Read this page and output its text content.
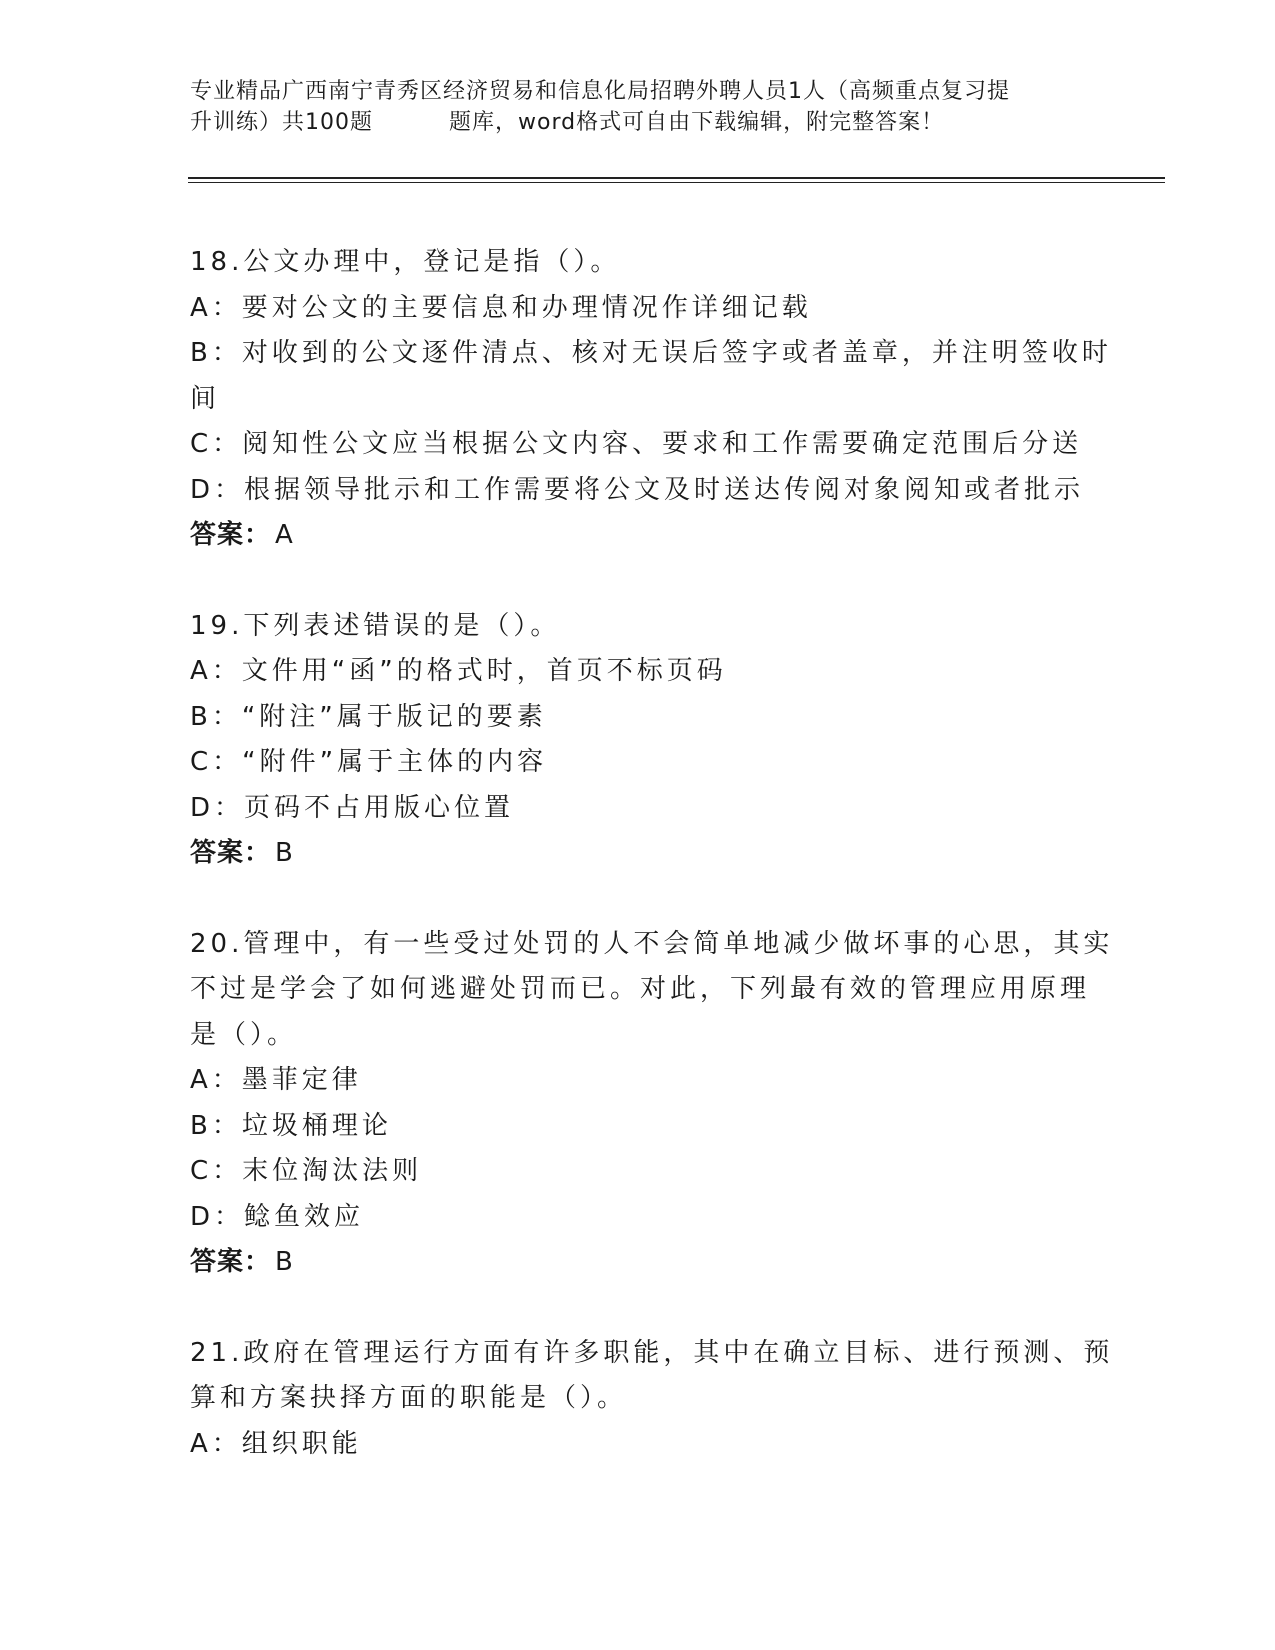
专业精品广西南宁青秀区经济贸易和信息化局招聘外聘人员1人（高频重点复习提
升训练）共100题	题库，word格式可自由下载编辑，附完整答案！
18.公文办理中，登记是指（）。
A：要对公文的主要信息和办理情况作详细记载
B：对收到的公文逐件清点、核对无误后签字或者盖章，并注明签收时
间
C：阅知性公文应当根据公文内容、要求和工作需要确定范围后分送
D：根据领导批示和工作需要将公文及时送达传阅对象阅知或者批示
答案： A
19.下列表述错误的是（）。
A：文件用“函”的格式时，首页不标页码
B：“附注”属于版记的要素
C：“附件”属于主体的内容
D：页码不占用版心位置
答案： B
20.管理中，有一些受过处罚的人不会简单地减少做坏事的心思，其实
不过是学会了如何逃避处罚而已。对此，下列最有效的管理应用原理
是（）。
A：墨菲定律
B：垃圾桶理论
C：末位淘汰法则
D：鲶鱼效应
答案： B
21.政府在管理运行方面有许多职能，其中在确立目标、进行预测、预
算和方案抉择方面的职能是（）。
A：组织职能
